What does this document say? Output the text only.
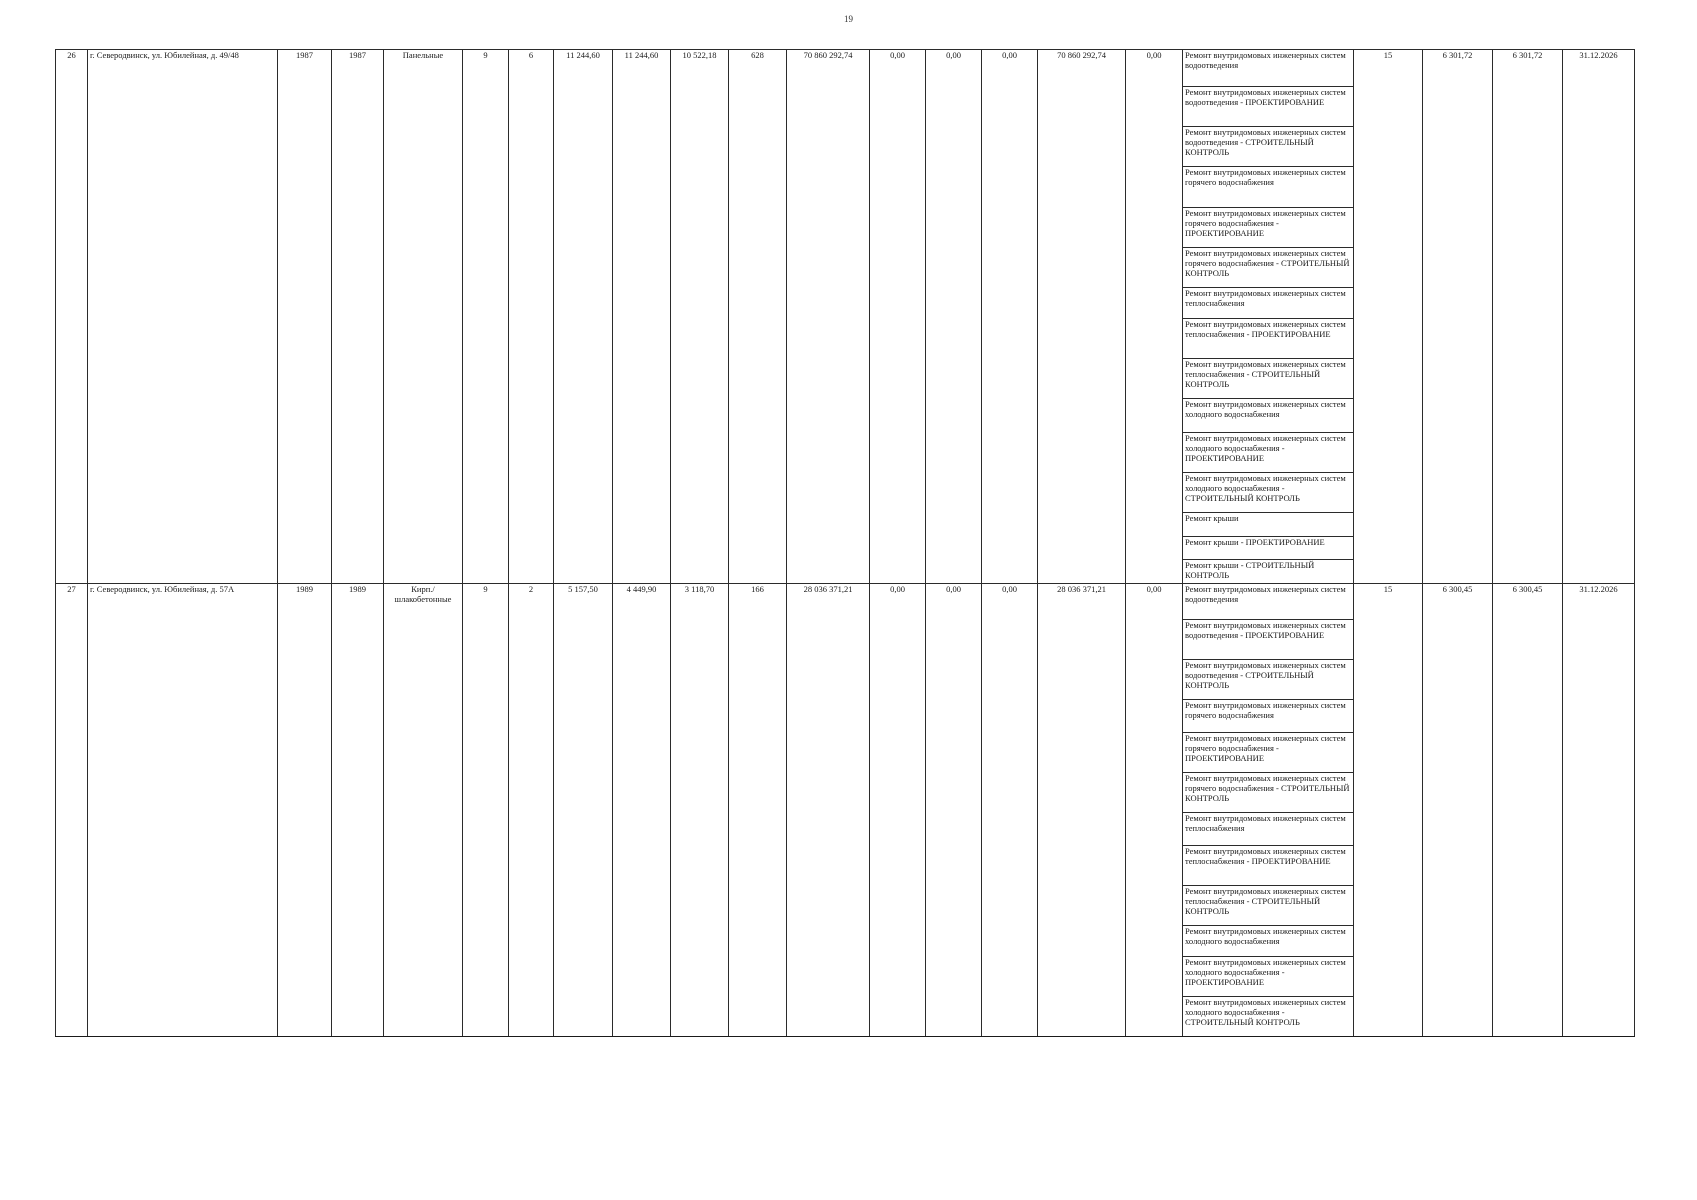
19
26	г. Северодвинск, ул. Юбилейная, д. 49/48	1987	1987	Панельные	9	6	11 244,60	11 244,60	10 522,18	628	70 860 292,74	0,00	0,00	0,00	70 860 292,74	0,00	Ремонт внутридомовых инженерных систем водоотведения	15	6 301,72	6 301,72	31.12.2026
																	Ремонт внутридомовых инженерных систем водоотведения - ПРОЕКТИРОВАНИЕ				
																	Ремонт внутридомовых инженерных систем водоотведения - СТРОИТЕЛЬНЫЙ КОНТРОЛЬ				
																	Ремонт внутридомовых инженерных систем горячего водоснабжения				
																	Ремонт внутридомовых инженерных систем горячего водоснабжения - ПРОЕКТИРОВАНИЕ				
																	Ремонт внутридомовых инженерных систем горячего водоснабжения - СТРОИТЕЛЬНЫЙ КОНТРОЛЬ				
																	Ремонт внутридомовых инженерных систем теплоснабжения				
																	Ремонт внутридомовых инженерных систем теплоснабжения - ПРОЕКТИРОВАНИЕ				
																	Ремонт внутридомовых инженерных систем теплоснабжения - СТРОИТЕЛЬНЫЙ КОНТРОЛЬ				
																	Ремонт внутридомовых инженерных систем холодного водоснабжения				
																	Ремонт внутридомовых инженерных систем холодного водоснабжения - ПРОЕКТИРОВАНИЕ				
																	Ремонт внутридомовых инженерных систем холодного водоснабжения - СТРОИТЕЛЬНЫЙ КОНТРОЛЬ				
																	Ремонт крыши				
																	Ремонт крыши - ПРОЕКТИРОВАНИЕ				
																	Ремонт крыши - СТРОИТЕЛЬНЫЙ КОНТРОЛЬ				
27	г. Северодвинск, ул. Юбилейная, д. 57А	1989	1989	Кирп./ шлакобетонные	9	2	5 157,50	4 449,90	3 118,70	166	28 036 371,21	0,00	0,00	0,00	28 036 371,21	0,00	Ремонт внутридомовых инженерных систем водоотведения	15	6 300,45	6 300,45	31.12.2026
																	Ремонт внутридомовых инженерных систем водоотведения - ПРОЕКТИРОВАНИЕ				
																	Ремонт внутридомовых инженерных систем водоотведения - СТРОИТЕЛЬНЫЙ КОНТРОЛЬ				
																	Ремонт внутридомовых инженерных систем горячего водоснабжения				
																	Ремонт внутридомовых инженерных систем горячего водоснабжения - ПРОЕКТИРОВАНИЕ				
																	Ремонт внутридомовых инженерных систем горячего водоснабжения - СТРОИТЕЛЬНЫЙ КОНТРОЛЬ				
																	Ремонт внутридомовых инженерных систем теплоснабжения				
																	Ремонт внутридомовых инженерных систем теплоснабжения - ПРОЕКТИРОВАНИЕ				
																	Ремонт внутридомовых инженерных систем теплоснабжения - СТРОИТЕЛЬНЫЙ КОНТРОЛЬ				
																	Ремонт внутридомовых инженерных систем холодного водоснабжения				
																	Ремонт внутридомовых инженерных систем холодного водоснабжения - ПРОЕКТИРОВАНИЕ				
																	Ремонт внутридомовых инженерных систем холодного водоснабжения - СТРОИТЕЛЬНЫЙ КОНТРОЛЬ				
